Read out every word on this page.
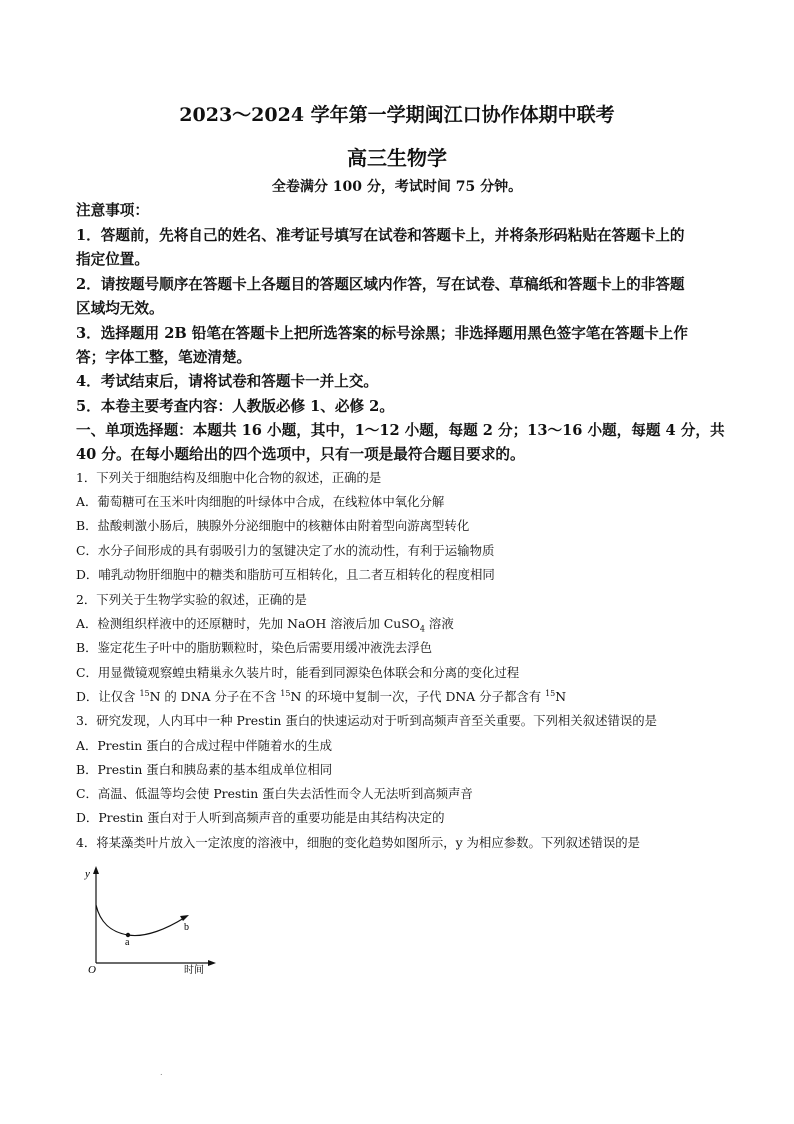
2023～2024 学年第一学期闽江口协作体期中联考
高三生物学
全卷满分 100 分，考试时间 75 分钟。
注意事项：
1．答题前，先将自己的姓名、准考证号填写在试卷和答题卡上，并将条形码粘贴在答题卡上的
指定位置。
2．请按题号顺序在答题卡上各题目的答题区域内作答，写在试卷、草稿纸和答题卡上的非答题
区域均无效。
3．选择题用 2B 铅笔在答题卡上把所选答案的标号涂黑；非选择题用黑色签字笔在答题卡上作
答；字体工整，笔迹清楚。
4．考试结束后，请将试卷和答题卡一并上交。
5．本卷主要考查内容：人教版必修 1、必修 2。
一、单项选择题：本题共 16 小题，其中，1～12 小题，每题 2 分；13～16 小题，每题 4 分，共
40 分。在每小题给出的四个选项中，只有一项是最符合题目要求的。
1．下列关于细胞结构及细胞中化合物的叙述，正确的是
A．葡萄糖可在玉米叶肉细胞的叶绿体中合成，在线粒体中氧化分解
B．盐酸刺激小肠后，胰腺外分泌细胞中的核糖体由附着型向游离型转化
C．水分子间形成的具有弱吸引力的氢键决定了水的流动性，有利于运输物质
D．哺乳动物肝细胞中的糖类和脂肪可互相转化，且二者互相转化的程度相同
2．下列关于生物学实验的叙述，正确的是
A．检测组织样液中的还原糖时，先加 NaOH 溶液后加 CuSO$_4$ 溶液
B．鉴定花生子叶中的脂肪颗粒时，染色后需要用缓冲液洗去浮色
C．用显微镜观察蝗虫精巢永久装片时，能看到同源染色体联会和分离的变化过程
D．让仅含 $^{15}$N 的 DNA 分子在不含 $^{15}$N 的环境中复制一次，子代 DNA 分子都含有 $^{15}$N
3．研究发现，人内耳中一种 Prestin 蛋白的快速运动对于听到高频声音至关重要。下列相关叙述错误的是
A．Prestin 蛋白的合成过程中伴随着水的生成
B．Prestin 蛋白和胰岛素的基本组成单位相同
C．高温、低温等均会使 Prestin 蛋白失去活性而令人无法听到高频声音
D．Prestin 蛋白对于人听到高频声音的重要功能是由其结构决定的
4．将某藻类叶片放入一定浓度的溶液中，细胞的变化趋势如图所示，y 为相应参数。下列叙述错误的是
y
O	时间
a
b
.
